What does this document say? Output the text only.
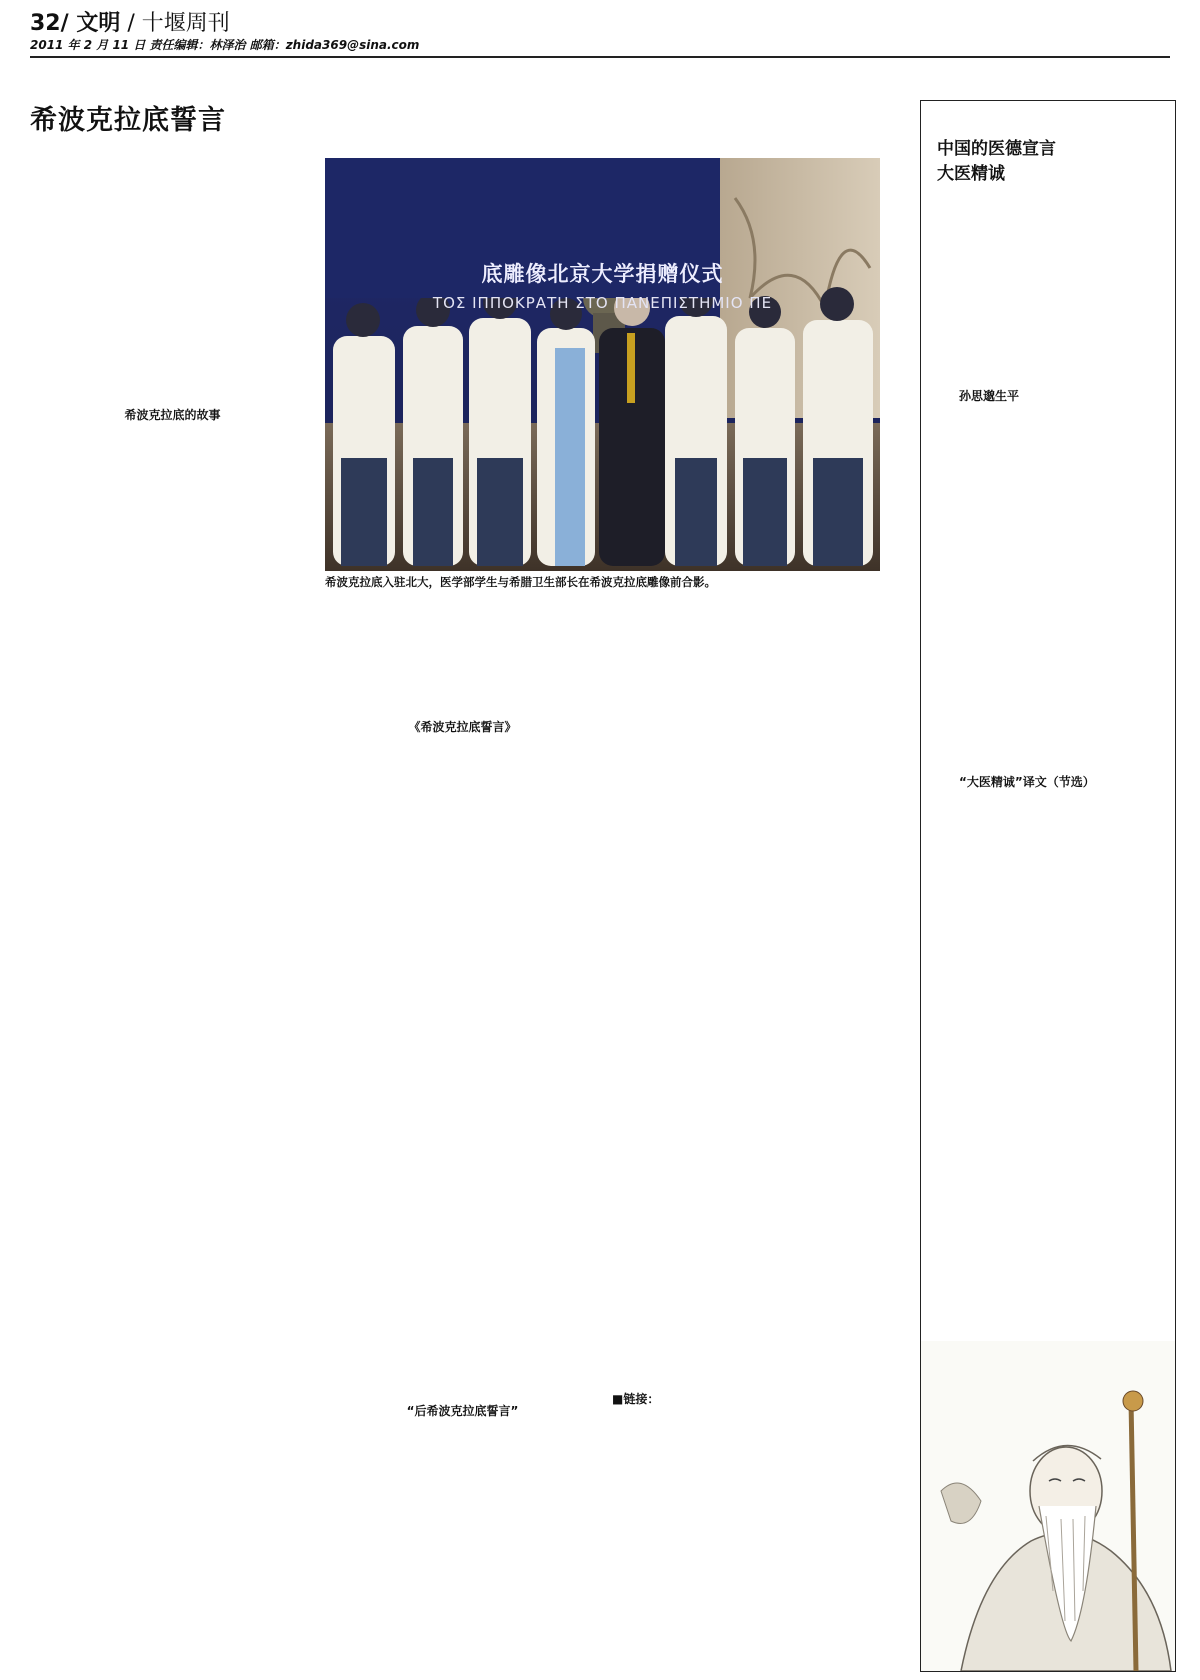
32/ 文明 / 十堰周刊
2011 年 2 月 11 日 责任编辑：林泽治 邮箱：zhida369@sina.com
希波克拉底誓言
希波克拉底的故事
底雕像北京大学捐赠仪式
ΤΟΣ ΙΠΠΟΚΡΑΤΗ ΣΤΟ ΠΑΝΕΠΙΣΤΗΜΙΟ ΠΕ
希波克拉底入驻北大，医学部学生与希腊卫生部长在希波克拉底雕像前合影。
《希波克拉底誓言》
“后希波克拉底誓言”
■链接：
中国的医德宣言
大医精诚
孙思邈生平
“大医精诚”译文（节选）
